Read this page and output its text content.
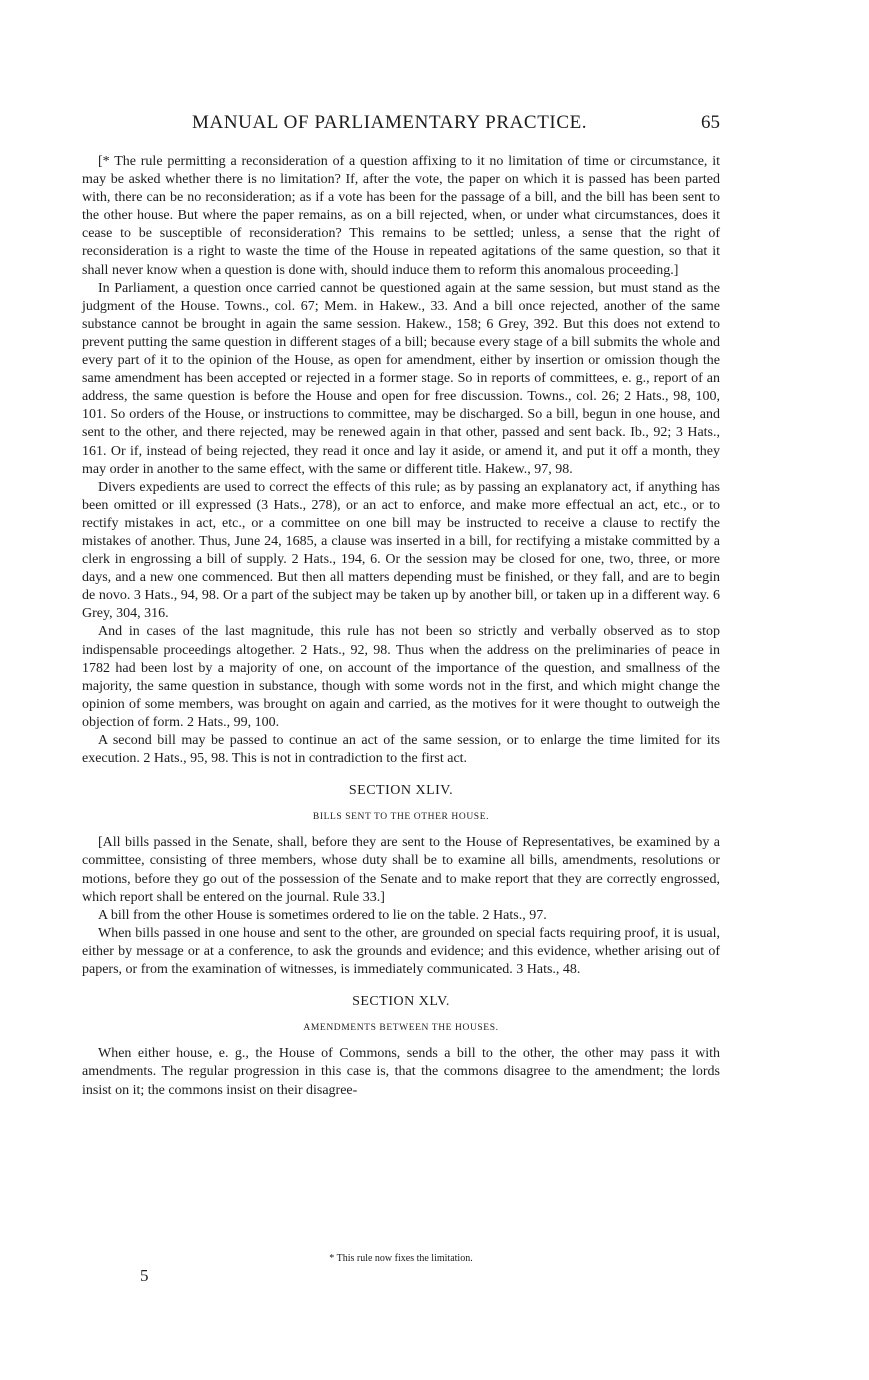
MANUAL OF PARLIAMENTARY PRACTICE.	65

[* The rule permitting a reconsideration of a question affixing to it no limitation of time or circumstance, it may be asked whether there is no limitation? If, after the vote, the paper on which it is passed has been parted with, there can be no reconsideration; as if a vote has been for the passage of a bill, and the bill has been sent to the other house. But where the paper remains, as on a bill rejected, when, or under what circumstances, does it cease to be susceptible of reconsideration? This remains to be settled; unless, a sense that the right of reconsideration is a right to waste the time of the House in repeated agitations of the same question, so that it shall never know when a question is done with, should induce them to reform this anomalous proceeding.]

In Parliament, a question once carried cannot be questioned again at the same session, but must stand as the judgment of the House. Towns., col. 67; Mem. in Hakew., 33. And a bill once rejected, another of the same substance cannot be brought in again the same session. Hakew., 158; 6 Grey, 392. But this does not extend to prevent putting the same question in different stages of a bill; because every stage of a bill submits the whole and every part of it to the opinion of the House, as open for amendment, either by insertion or omission though the same amendment has been accepted or rejected in a former stage. So in reports of committees, e. g., report of an address, the same question is before the House and open for free discussion. Towns., col. 26; 2 Hats., 98, 100, 101. So orders of the House, or instructions to committee, may be discharged. So a bill, begun in one house, and sent to the other, and there rejected, may be renewed again in that other, passed and sent back. Ib., 92; 3 Hats., 161. Or if, instead of being rejected, they read it once and lay it aside, or amend it, and put it off a month, they may order in another to the same effect, with the same or different title. Hakew., 97, 98.

Divers expedients are used to correct the effects of this rule; as by passing an explanatory act, if anything has been omitted or ill expressed (3 Hats., 278), or an act to enforce, and make more effectual an act, etc., or to rectify mistakes in act, etc., or a committee on one bill may be instructed to receive a clause to rectify the mistakes of another. Thus, June 24, 1685, a clause was inserted in a bill, for rectifying a mistake committed by a clerk in engrossing a bill of supply. 2 Hats., 194, 6. Or the session may be closed for one, two, three, or more days, and a new one commenced. But then all matters depending must be finished, or they fall, and are to begin de novo. 3 Hats., 94, 98. Or a part of the subject may be taken up by another bill, or taken up in a different way. 6 Grey, 304, 316.

And in cases of the last magnitude, this rule has not been so strictly and verbally observed as to stop indispensable proceedings altogether. 2 Hats., 92, 98. Thus when the address on the preliminaries of peace in 1782 had been lost by a majority of one, on account of the importance of the question, and smallness of the majority, the same question in substance, though with some words not in the first, and which might change the opinion of some members, was brought on again and carried, as the motives for it were thought to outweigh the objection of form. 2 Hats., 99, 100.

A second bill may be passed to continue an act of the same session, or to enlarge the time limited for its execution. 2 Hats., 95, 98. This is not in contradiction to the first act.

SECTION XLIV.
BILLS SENT TO THE OTHER HOUSE.

[All bills passed in the Senate, shall, before they are sent to the House of Representatives, be examined by a committee, consisting of three members, whose duty shall be to examine all bills, amendments, resolutions or motions, before they go out of the possession of the Senate and to make report that they are correctly engrossed, which report shall be entered on the journal. Rule 33.]

A bill from the other House is sometimes ordered to lie on the table. 2 Hats., 97.

When bills passed in one house and sent to the other, are grounded on special facts requiring proof, it is usual, either by message or at a conference, to ask the grounds and evidence; and this evidence, whether arising out of papers, or from the examination of witnesses, is immediately communicated. 3 Hats., 48.

SECTION XLV.
AMENDMENTS BETWEEN THE HOUSES.

When either house, e. g., the House of Commons, sends a bill to the other, the other may pass it with amendments. The regular progression in this case is, that the commons disagree to the amendment; the lords insist on it; the commons insist on their disagree-

* This rule now fixes the limitation.
5
